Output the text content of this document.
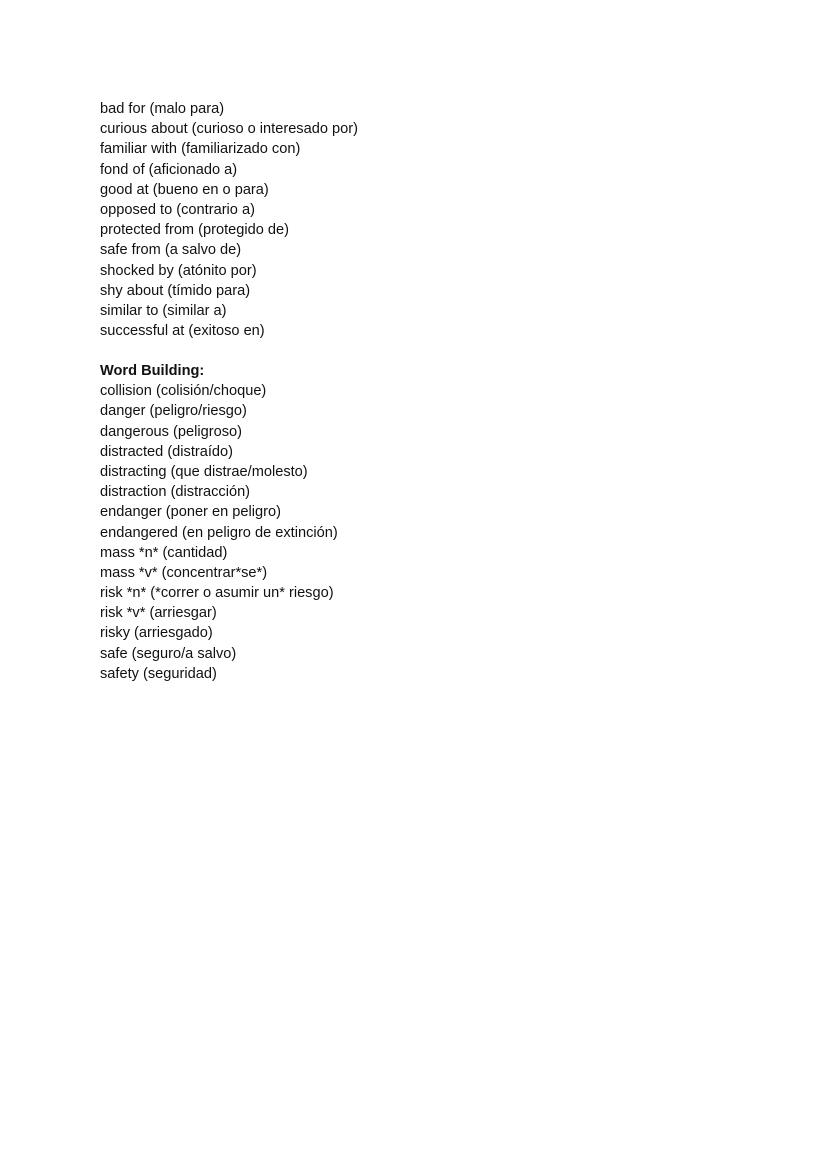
bad for (malo para)
curious about (curioso o interesado por)
familiar with (familiarizado con)
fond of (aficionado a)
good at (bueno en o para)
opposed to (contrario a)
protected from (protegido de)
safe from (a salvo de)
shocked by (atónito por)
shy about (tímido para)
similar to (similar a)
successful at (exitoso en)
Word Building:
collision (colisión/choque)
danger (peligro/riesgo)
dangerous (peligroso)
distracted (distraído)
distracting (que distrae/molesto)
distraction (distracción)
endanger (poner en peligro)
endangered (en peligro de extinción)
mass *n* (cantidad)
mass *v* (concentrar*se*)
risk *n* (*correr o asumir un* riesgo)
risk *v* (arriesgar)
risky (arriesgado)
safe (seguro/a salvo)
safety (seguridad)
